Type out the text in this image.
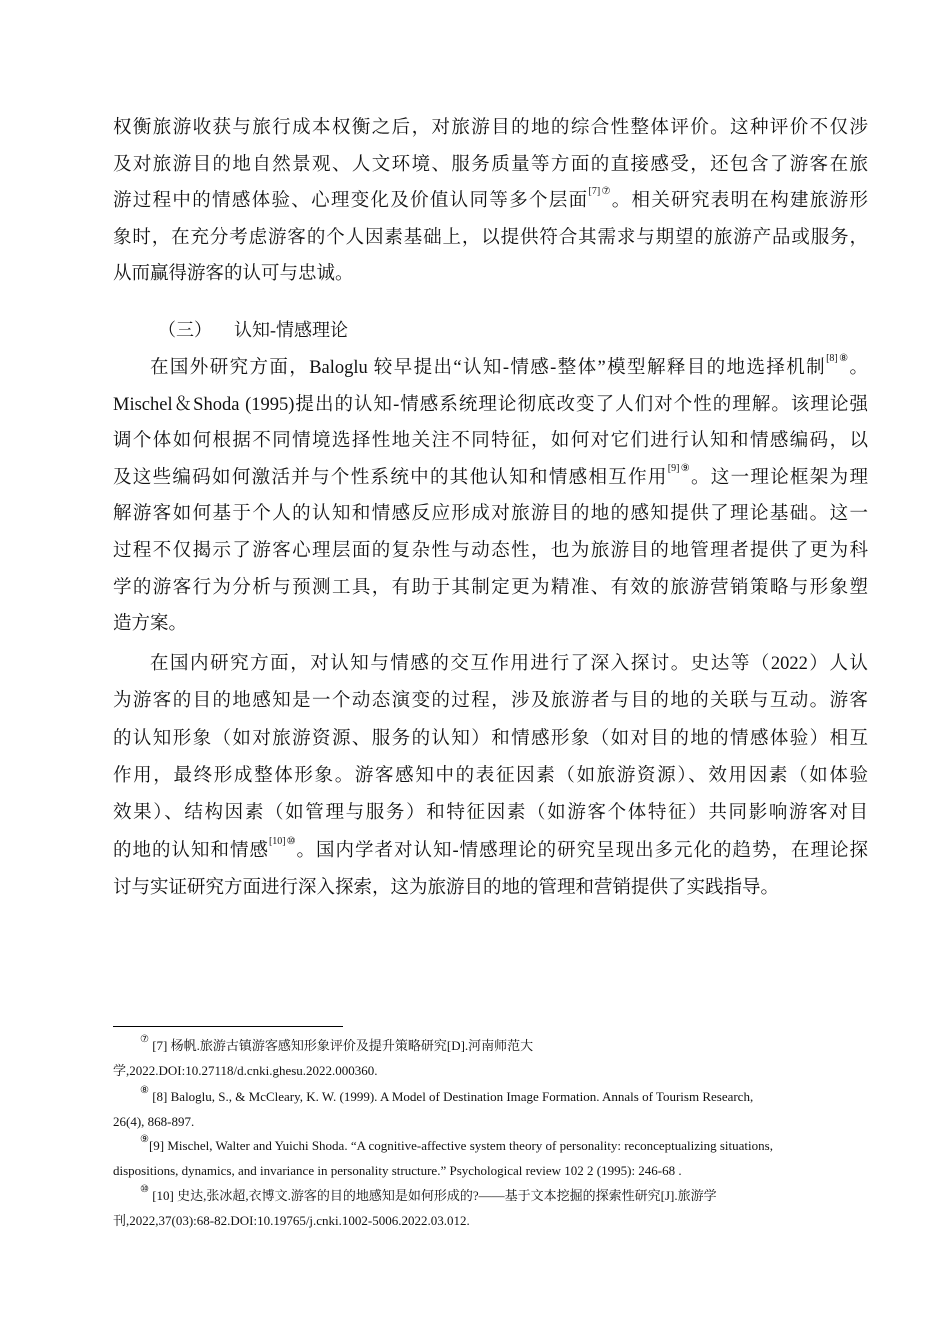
权衡旅游收获与旅行成本权衡之后，对旅游目的地的综合性整体评价。这种评价不仅涉
及对旅游目的地自然景观、人文环境、服务质量等方面的直接感受，还包含了游客在旅
游过程中的情感体验、心理变化及价值认同等多个层面$^{[7]⑦}$。相关研究表明在构建旅游形
象时，在充分考虑游客的个人因素基础上，以提供符合其需求与期望的旅游产品或服务，
从而赢得游客的认可与忠诚。
在国外研究方面，Baloglu 较早提出“认知-情感-整体”模型解释目的地选择机制$^{[8]⑧}$。
Mischel＆Shoda (1995)提出的认知-情感系统理论彻底改变了人们对个性的理解。该理论强
调个体如何根据不同情境选择性地关注不同特征，如何对它们进行认知和情感编码，以
及这些编码如何激活并与个性系统中的其他认知和情感相互作用$^{[9]⑨}$。这一理论框架为理
解游客如何基于个人的认知和情感反应形成对旅游目的地的感知提供了理论基础。这一
过程不仅揭示了游客心理层面的复杂性与动态性，也为旅游目的地管理者提供了更为科
学的游客行为分析与预测工具，有助于其制定更为精准、有效的旅游营销策略与形象塑
造方案。
在国内研究方面，对认知与情感的交互作用进行了深入探讨。史达等（2022）人认
为游客的目的地感知是一个动态演变的过程，涉及旅游者与目的地的关联与互动。游客
的认知形象（如对旅游资源、服务的认知）和情感形象（如对目的地的情感体验）相互
作用，最终形成整体形象。游客感知中的表征因素（如旅游资源）、效用因素（如体验
效果）、结构因素（如管理与服务）和特征因素（如游客个体特征）共同影响游客对目
的地的认知和情感$^{[10]⑩}$。国内学者对认知-情感理论的研究呈现出多元化的趋势，在理论探
讨与实证研究方面进行深入探索，这为旅游目的地的管理和营销提供了实践指导。
（三） 认知-情感理论
⑦ [7] 杨帆.旅游古镇游客感知形象评价及提升策略研究[D].河南师范大
学,2022.DOI:10.27118/d.cnki.ghesu.2022.000360.
⑧ [8] Baloglu, S., & McCleary, K. W. (1999). A Model of Destination Image Formation. Annals of Tourism Research,
26(4), 868-897.
⑨[9] Mischel, Walter and Yuichi Shoda. “A cognitive-affective system theory of personality: reconceptualizing situations,
dispositions, dynamics, and invariance in personality structure.” Psychological review 102 2 (1995): 246-68 .
⑩ [10] 史达,张冰超,衣博文.游客的目的地感知是如何形成的?——基于文本挖掘的探索性研究[J].旅游学
刊,2022,37(03):68-82.DOI:10.19765/j.cnki.1002-5006.2022.03.012.
